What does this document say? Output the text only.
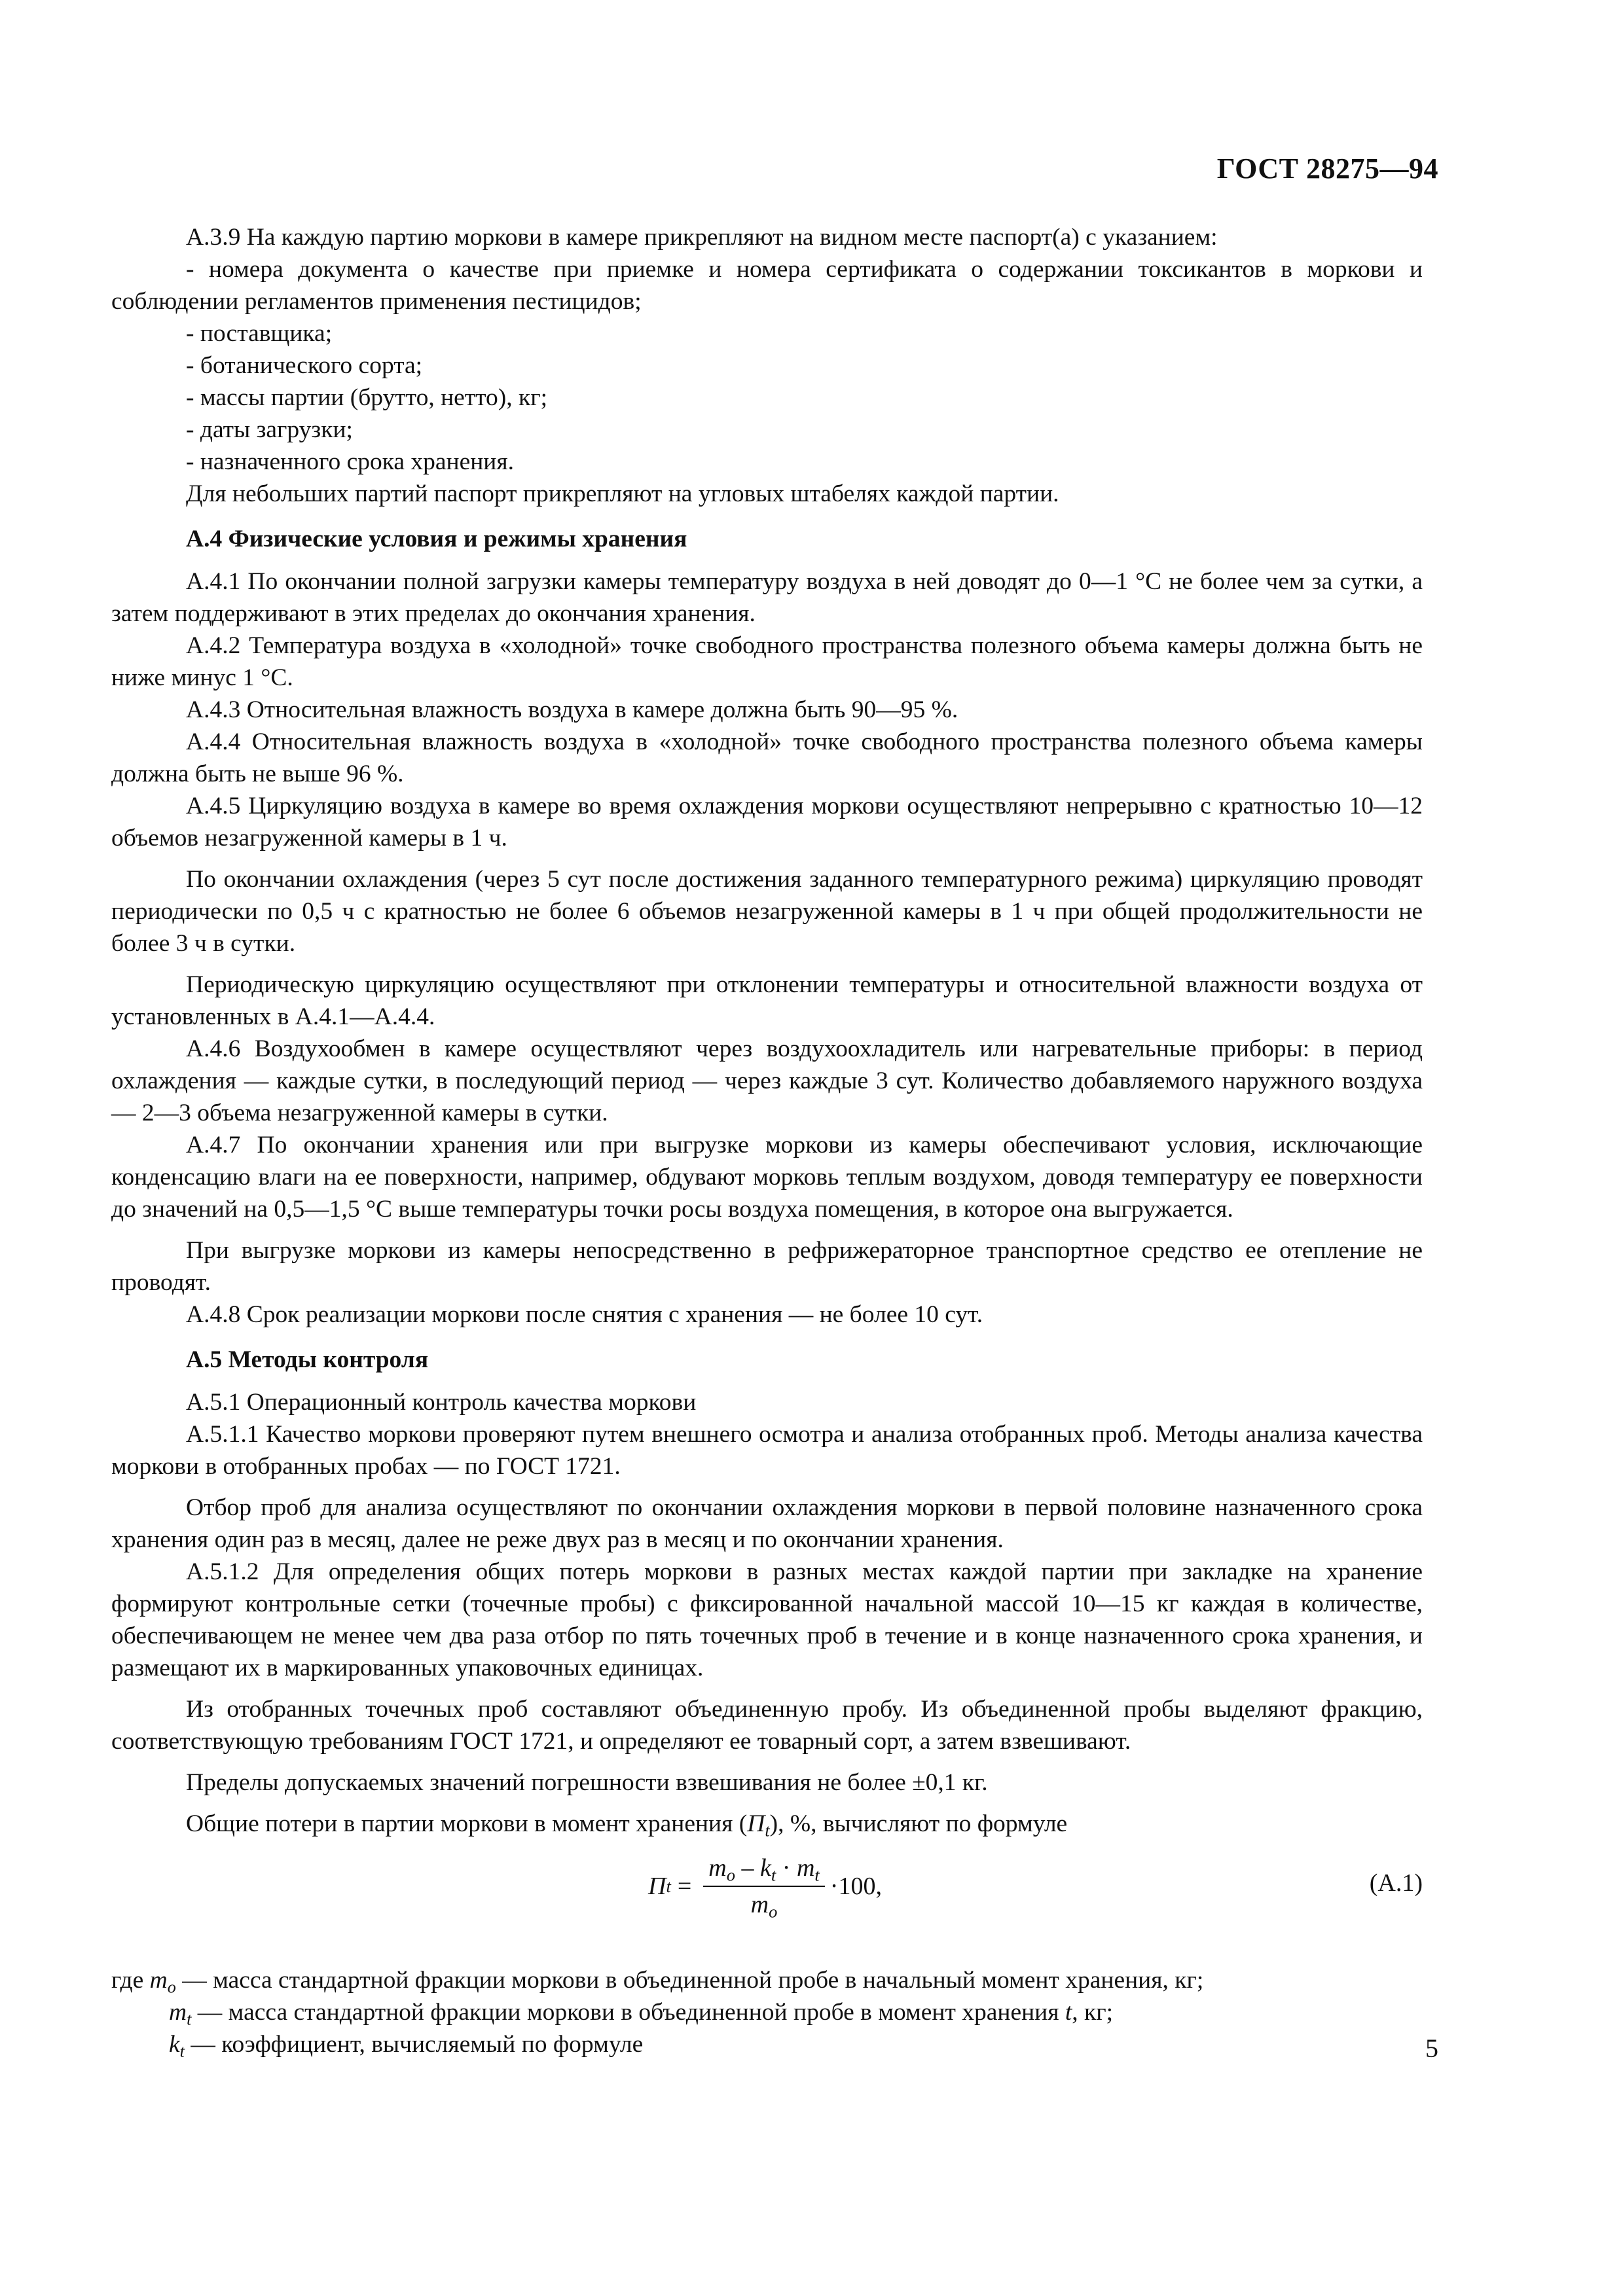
ГОСТ 28275—94

А.3.9 На каждую партию моркови в камере прикрепляют на видном месте паспорт(а) с указанием:

- номера документа о качестве при приемке и номера сертификата о содержании токсикантов в моркови и соблюдении регламентов применения пестицидов;

- поставщика;

- ботанического сорта;

- массы партии (брутто, нетто), кг;

- даты загрузки;

- назначенного срока хранения.

Для небольших партий паспорт прикрепляют на угловых штабелях каждой партии.

А.4 Физические условия и режимы хранения

А.4.1 По окончании полной загрузки камеры температуру воздуха в ней доводят до 0—1 °С не более чем за сутки, а затем поддерживают в этих пределах до окончания хранения.

А.4.2 Температура воздуха в «холодной» точке свободного пространства полезного объема камеры должна быть не ниже минус 1 °С.

А.4.3 Относительная влажность воздуха в камере должна быть 90—95 %.

А.4.4 Относительная влажность воздуха в «холодной» точке свободного пространства полезного объема камеры должна быть не выше 96 %.

А.4.5 Циркуляцию воздуха в камере во время охлаждения моркови осуществляют непрерывно с кратностью 10—12 объемов незагруженной камеры в 1 ч.

По окончании охлаждения (через 5 сут после достижения заданного температурного режима) циркуляцию проводят периодически по 0,5 ч с кратностью не более 6 объемов незагруженной камеры в 1 ч при общей продолжительности не более 3 ч в сутки.

Периодическую циркуляцию осуществляют при отклонении температуры и относительной влажности воздуха от установленных в А.4.1—А.4.4.

А.4.6 Воздухообмен в камере осуществляют через воздухоохладитель или нагревательные приборы: в период охлаждения — каждые сутки, в последующий период — через каждые 3 сут. Количество добавляемого наружного воздуха — 2—3 объема незагруженной камеры в сутки.

А.4.7 По окончании хранения или при выгрузке моркови из камеры обеспечивают условия, исключающие конденсацию влаги на ее поверхности, например, обдувают морковь теплым воздухом, доводя температуру ее поверхности до значений на 0,5—1,5 °С выше температуры точки росы воздуха помещения, в которое она выгружается.

При выгрузке моркови из камеры непосредственно в рефрижераторное транспортное средство ее отепление не проводят.

А.4.8 Срок реализации моркови после снятия с хранения — не более 10 сут.

А.5 Методы контроля

А.5.1 Операционный контроль качества моркови

А.5.1.1 Качество моркови проверяют путем внешнего осмотра и анализа отобранных проб. Методы анализа качества моркови в отобранных пробах — по ГОСТ 1721.

Отбор проб для анализа осуществляют по окончании охлаждения моркови в первой половине назначенного срока хранения один раз в месяц, далее не реже двух раз в месяц и по окончании хранения.

А.5.1.2 Для определения общих потерь моркови в разных местах каждой партии при закладке на хранение формируют контрольные сетки (точечные пробы) с фиксированной начальной массой 10—15 кг каждая в количестве, обеспечивающем не менее чем два раза отбор по пять точечных проб в течение и в конце назначенного срока хранения, и размещают их в маркированных упаковочных единицах.

Из отобранных точечных проб составляют объединенную пробу. Из объединенной пробы выделяют фракцию, соответствующую требованиям ГОСТ 1721, и определяют ее товарный сорт, а затем взвешивают.

Пределы допускаемых значений погрешности взвешивания не более ±0,1 кг.

Общие потери в партии моркови в момент хранения $(П_t)$, %, вычисляют по формуле

П $t = \frac{m_o - k_t \cdot m_t}{m_o} \cdot 100$,	(А.1)

где $m_o$ — масса стандартной фракции моркови в объединенной пробе в начальный момент хранения, кг;

$m_t$ — масса стандартной фракции моркови в объединенной пробе в момент хранения t, кг;

$k_t$ — коэффициент, вычисляемый по формуле	5
